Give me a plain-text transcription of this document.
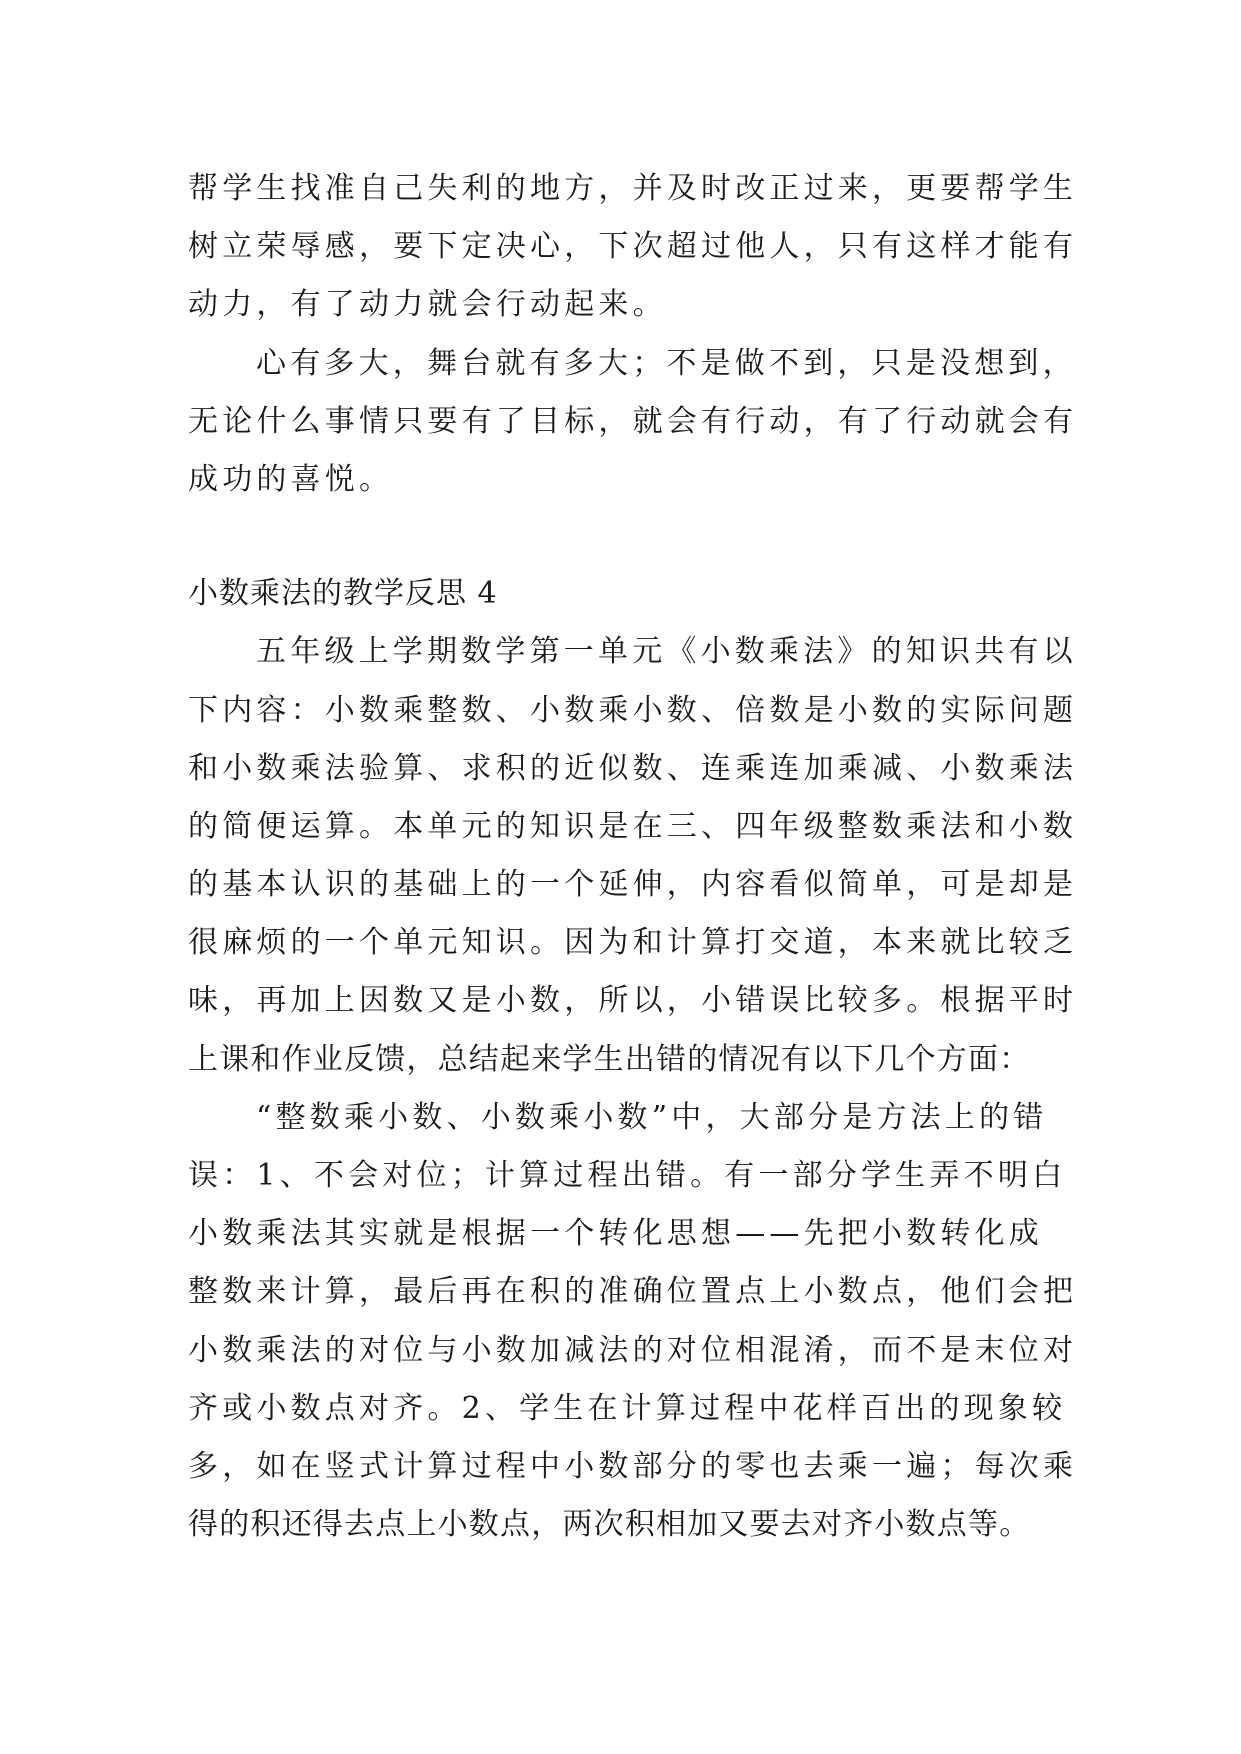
帮学生找准自己失利的地方，并及时改正过来，更要帮学生
树立荣辱感，要下定决心，下次超过他人，只有这样才能有
动力，有了动力就会行动起来。
心有多大，舞台就有多大；不是做不到，只是没想到，
无论什么事情只要有了目标，就会有行动，有了行动就会有
成功的喜悦。
小数乘法的教学反思 4
五年级上学期数学第一单元《小数乘法》的知识共有以
下内容：小数乘整数、小数乘小数、倍数是小数的实际问题
和小数乘法验算、求积的近似数、连乘连加乘减、小数乘法
的简便运算。本单元的知识是在三、四年级整数乘法和小数
的基本认识的基础上的一个延伸，内容看似简单，可是却是
很麻烦的一个单元知识。因为和计算打交道，本来就比较乏
味，再加上因数又是小数，所以，小错误比较多。根据平时
上课和作业反馈，总结起来学生出错的情况有以下几个方面：
“整数乘小数、小数乘小数”中，大部分是方法上的错
误：1、不会对位；计算过程出错。有一部分学生弄不明白
小数乘法其实就是根据一个转化思想——先把小数转化成
整数来计算，最后再在积的准确位置点上小数点，他们会把
小数乘法的对位与小数加减法的对位相混淆，而不是末位对
齐或小数点对齐。2、学生在计算过程中花样百出的现象较
多，如在竖式计算过程中小数部分的零也去乘一遍；每次乘
得的积还得去点上小数点，两次积相加又要去对齐小数点等。
